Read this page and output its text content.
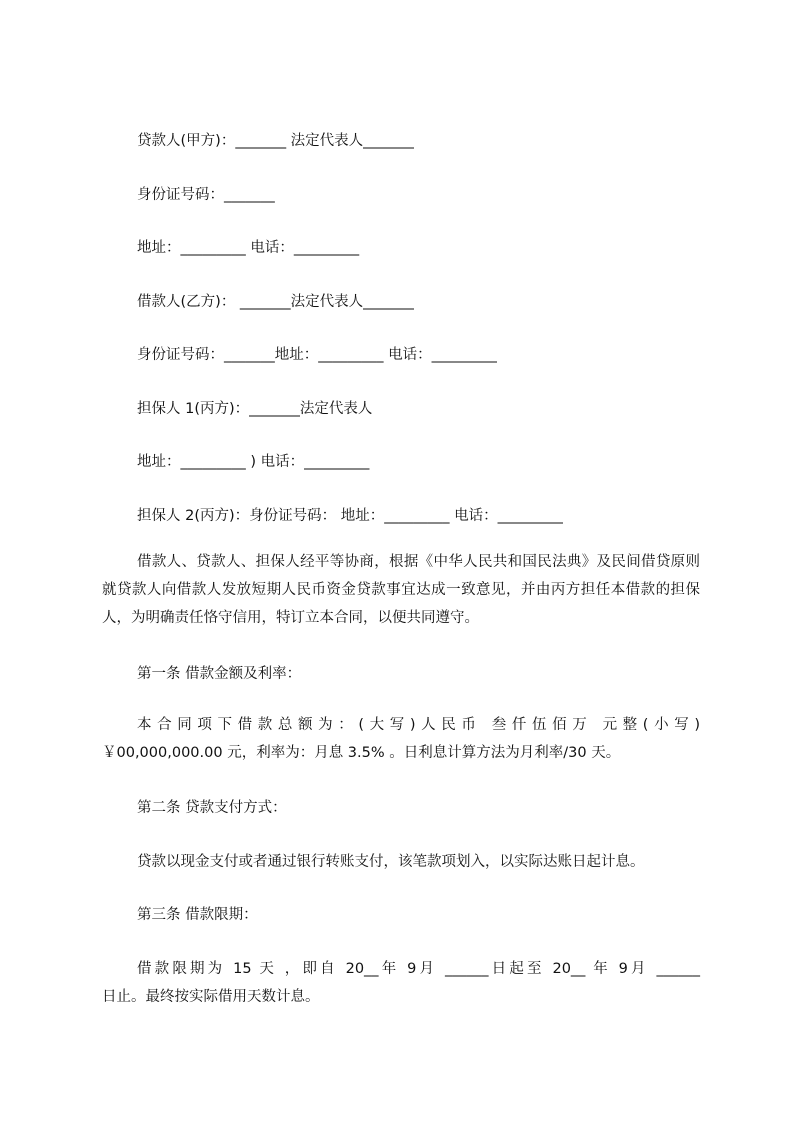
贷款人(甲方)：_______ 法定代表人_______
身份证号码：_______
地址：_________ 电话：_________
借款人(乙方)： _______法定代表人_______
身份证号码：_______地址：_________ 电话：_________
担保人 1(丙方)：_______法定代表人
地址：_________ ) 电话：_________
担保人 2(丙方)：身份证号码： 地址：_________ 电话：_________
借款人、贷款人、担保人经平等协商，根据《中华人民共和国民法典》及民间借贷原则就贷款人向借款人发放短期人民币资金贷款事宜达成一致意见，并由丙方担任本借款的担保人，为明确责任恪守信用，特订立本合同，以便共同遵守。
第一条 借款金额及利率：
本合同项下借款总额为：(大写)人民币 叁仟伍佰万 元整(小写)
￥00,000,000.00 元，利率为：月息 3.5% 。日利息计算方法为月利率/30 天。
第二条 贷款支付方式：
贷款以现金支付或者通过银行转账支付，该笔款项划入，以实际达账日起计息。
第三条 借款限期：
借款限期为 15 天 ，即自 20__年 9月 ______日起至 20__ 年 9月 ______
日止。最终按实际借用天数计息。
